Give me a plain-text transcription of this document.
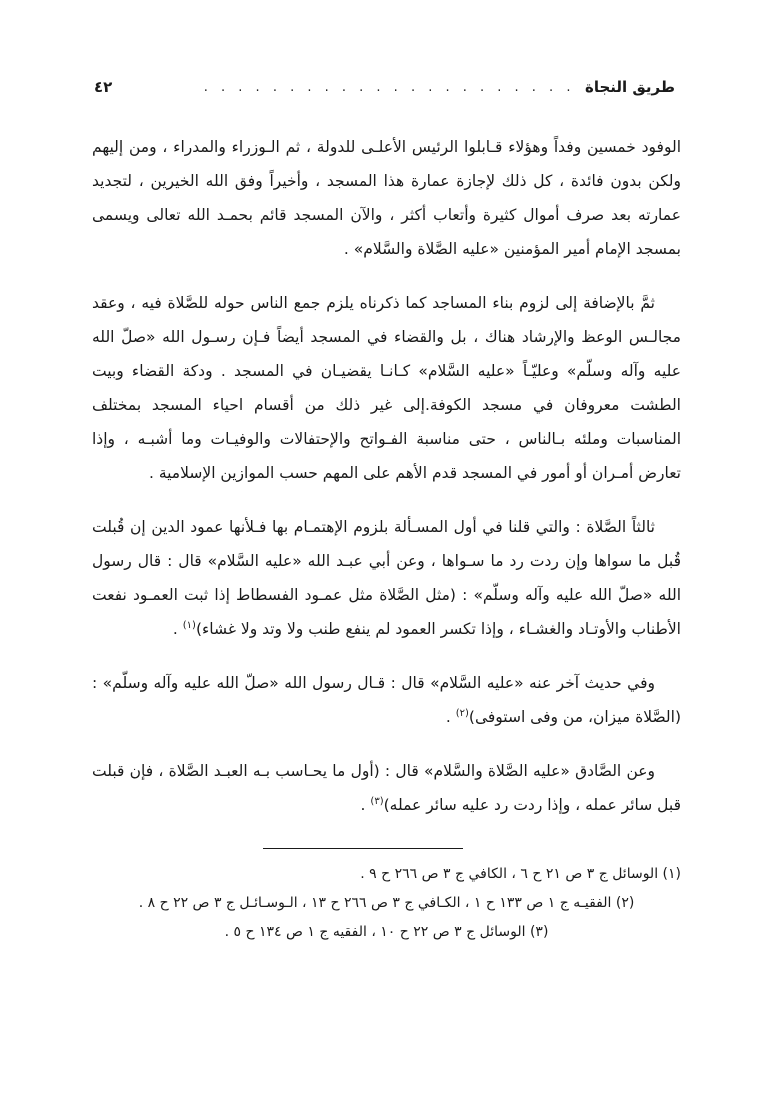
طريق النجاة
. . . . . . . . . . . . . . . . . . . . . .
٤٢

الوفود خمسين وفداً وهؤلاء قـابلوا الرئيس الأعلـى للدولة ، ثم الـوزراء والمدراء ، ومن إليهم ولكن بدون فائدة ، كل ذلك لإجازة عمارة هذا المسجد ، وأخيراً وفق الله الخيرين ، لتجديد عمارته بعد صرف أموال كثيرة وأتعاب أكثر ، والآن المسجد قائم بحمـد الله تعالى ويسمى بمسجد الإمام أمير المؤمنين «عليه الصَّلاة والسَّلام» .

ثمَّ بالإضافة إلى لزوم بناء المساجد كما ذكرناه يلزم جمع الناس حوله للصَّلاة فيه ، وعقد مجالـس الوعظ والإرشاد هناك ، بل والقضاء في المسجد أيضاً فـإن رسـول الله «صلّ الله عليه وآله وسلّم» وعليّـاً «عليه السَّلام» كـانـا يقضيـان في المسجد . ودكة القضاء وبيت الطشت معروفان في مسجد الكوفة.إلى غير ذلك من أقسام احياء المسجد بمختلف المناسبات وملئه بـالناس ، حتى مناسبة الفـواتح والإحتفالات والوفيـات وما أشبـه ، وإذا تعارض أمـران أو أمور في المسجد قدم الأهم على المهم حسب الموازين الإسلامية .

ثالثاً الصَّلاة : والتي قلنا في أول المسـألة بلزوم الإهتمـام بها فـلأنها عمود الدين إن قُبلت قُبل ما سواها وإن ردت رد ما سـواها ، وعن أبي عبـد الله «عليه السَّلام» قال : قال رسول الله «صلّ الله عليه وآله وسلّم» : (مثل الصَّلاة مثل عمـود الفسطاط إذا ثبت العمـود نفعت الأطناب والأوتـاد والغشـاء ، وإذا تكسر العمود لم ينفع طنب ولا وتد ولا غشاء)$^{(١)}$ .

وفي حديث آخر عنه «عليه السَّلام» قال : قـال رسول الله «صلّ الله عليه وآله وسلّم» : (الصَّلاة ميزان، من وفى استوفى)$^{(٢)}$ .

وعن الصَّادق «عليه الصَّلاة والسَّلام» قال : (أول ما يحـاسب بـه العبـد الصَّلاة ، فإن قبلت قبل سائر عمله ، وإذا ردت رد عليه سائر عمله)$^{(٣)}$ .

(١) الوسائل ج ٣ ص ٢١ ح ٦ ، الكافي ج ٣ ص ٢٦٦ ح ٩ .

(٢) الفقيـه ج ١ ص ١٣٣ ح ١ ، الكـافي ج ٣ ص ٢٦٦ ح ١٣ ، الـوسـائـل ج ٣ ص ٢٢ ح ٨ .

(٣) الوسائل ج ٣ ص ٢٢ ح ١٠ ، الفقيه ج ١ ص ١٣٤ ح ٥ .
